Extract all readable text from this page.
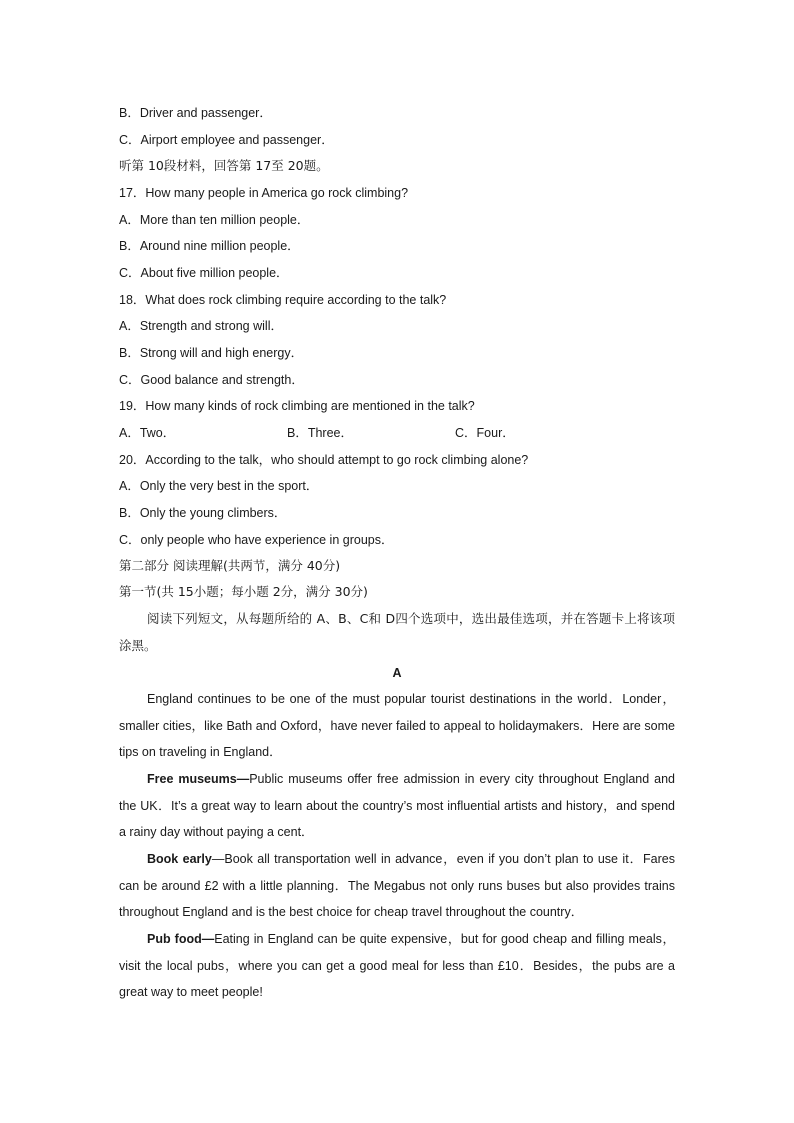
B．Driver and passenger．
C．Airport employee and passenger．
听第 10段材料，回答第 17至 20题。
17．How many people in America go rock climbing?
A．More than ten million people．
B．Around nine million people．
C．About five million people．
18．What does rock climbing require according to the talk?
A．Strength and strong will．
B．Strong will and high energy．
C．Good balance and strength．
19．How many kinds of rock climbing are mentioned in the talk?
A．Two．	B．Three．	C．Four．
20．According to the talk，who should attempt to go rock climbing alone?
A．Only the very best in the sport．
B．Only the young climbers．
C．only people who have experience in groups．
第二部分 阅读理解(共两节，满分 40分)
第一节(共 15小题；每小题 2分，满分 30分)

阅读下列短文，从每题所给的 A、B、C和 D四个选项中，选出最佳选项，并在答题卡上将该项涂黑。

A

England continues to be one of the must popular tourist destinations in the world．Londer，smaller cities，like Bath and Oxford，have never failed to appeal to holidaymakers．Here are some tips on traveling in England．

Free museums—Public museums offer free admission in every city throughout England and the UK．It’s a great way to learn about the country’s most influential artists and history，and spend a rainy day without paying a cent．

Book early—Book all transportation well in advance，even if you don’t plan to use it．Fares can be around £2 with a little planning．The Megabus not only runs buses but also provides trains throughout England and is the best choice for cheap travel throughout the country．

Pub food—Eating in England can be quite expensive，but for good cheap and filling meals，visit the local pubs，where you can get a good meal for less than £10．Besides，the pubs are a great way to meet people!
